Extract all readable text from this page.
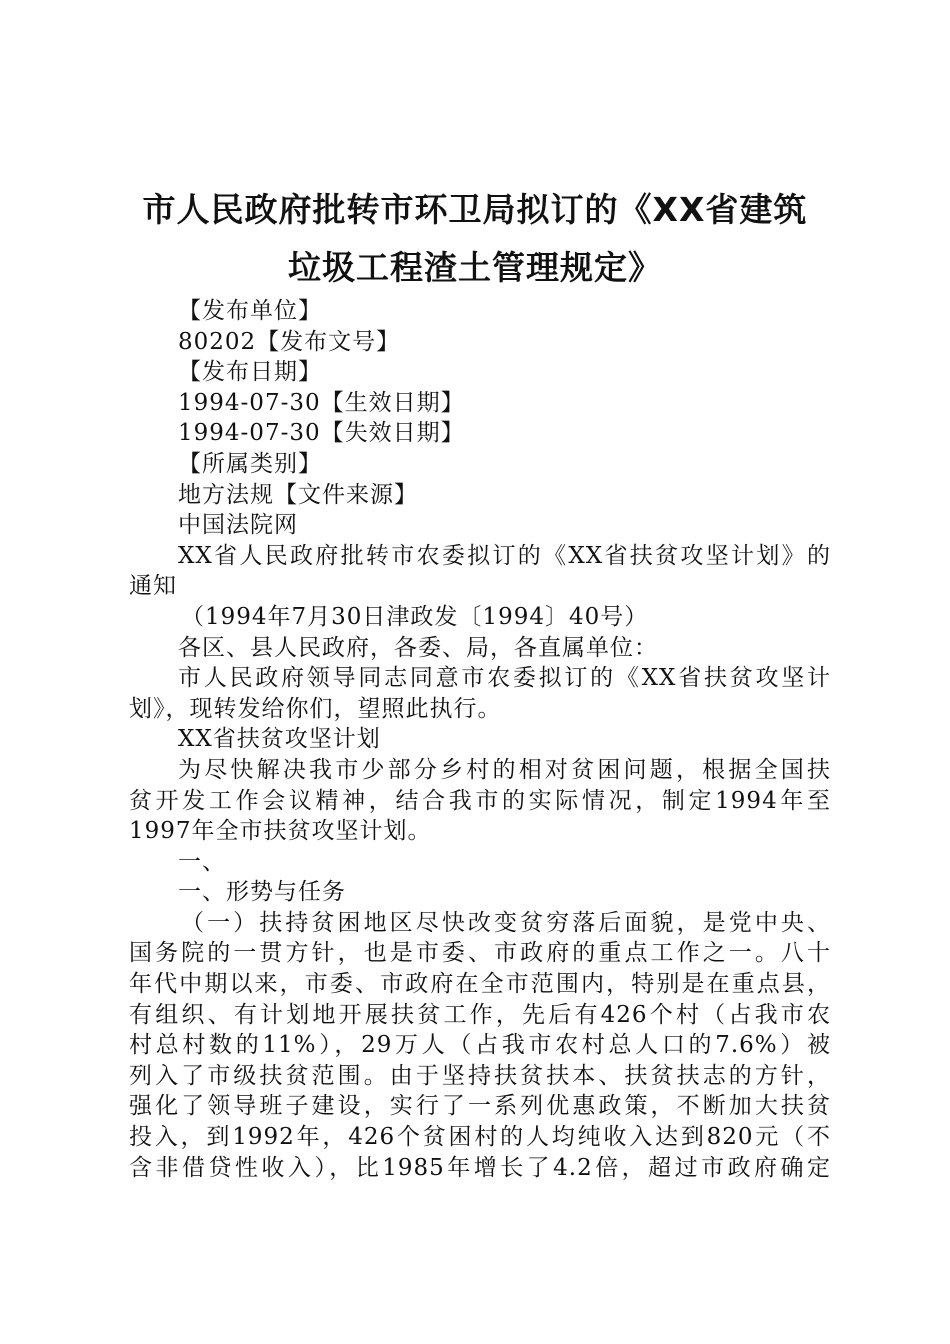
市人民政府批转市环卫局拟订的《XX省建筑
垃圾工程渣土管理规定》
【发布单位】
80202【发布文号】
【发布日期】
1994-07-30【生效日期】
1994-07-30【失效日期】
【所属类别】
地方法规【文件来源】
中国法院网
XX省人民政府批转市农委拟订的《XX省扶贫攻坚计划》的
通知
（1994年7月30日津政发〔1994〕40号）
各区、县人民政府，各委、局，各直属单位：
市人民政府领导同志同意市农委拟订的《XX省扶贫攻坚计
划》，现转发给你们，望照此执行。
XX省扶贫攻坚计划
为尽快解决我市少部分乡村的相对贫困问题，根据全国扶
贫开发工作会议精神，结合我市的实际情况，制定1994年至
1997年全市扶贫攻坚计划。
一、
一、形势与任务
（一）扶持贫困地区尽快改变贫穷落后面貌，是党中央、
国务院的一贯方针，也是市委、市政府的重点工作之一。八十
年代中期以来，市委、市政府在全市范围内，特别是在重点县，
有组织、有计划地开展扶贫工作，先后有426个村（占我市农
村总村数的11%），29万人（占我市农村总人口的7.6%）被
列入了市级扶贫范围。由于坚持扶贫扶本、扶贫扶志的方针，
强化了领导班子建设，实行了一系列优惠政策，不断加大扶贫
投入，到1992年，426个贫困村的人均纯收入达到820元（不
含非借贷性收入），比1985年增长了4.2倍，超过市政府确定
